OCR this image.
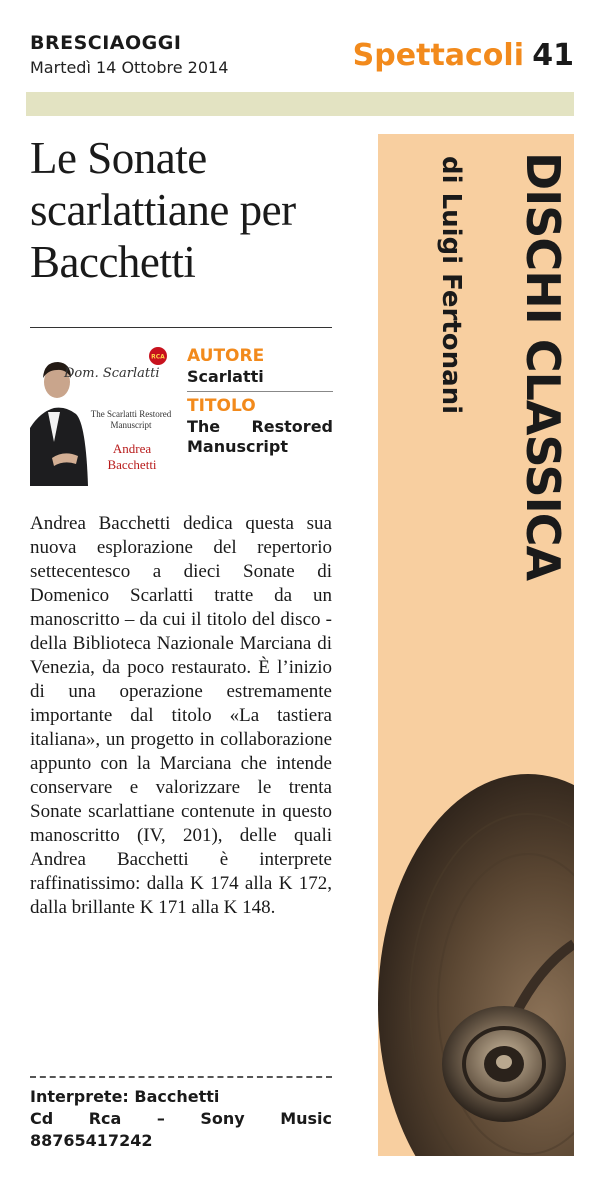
BRESCIAOGGI
Martedì 14 Ottobre 2014	Spettacoli 41
Le Sonate scarlattiane per Bacchetti
Dom. Scarlatti
RCA
The Scarlatti Restored Manuscript
Andrea Bacchetti
AUTORE
Scarlatti
TITOLO
The Restored Manuscript
Andrea Bacchetti dedica questa sua nuova esplorazione del repertorio settecentesco a dieci Sonate di Domenico Scarlatti tratte da un manoscritto – da cui il titolo del disco - della Biblioteca Nazionale Marciana di Venezia, da poco restaurato. È l’inizio di una operazione estremamente importante dal titolo «La tastiera italiana», un progetto in collaborazione appunto con la Marciana che intende conservare e valorizzare le trenta Sonate scarlattiane contenute in questo manoscritto (IV, 201), delle quali Andrea Bacchetti è interprete raffinatissimo: dalla K 174 alla K 172, dalla brillante K 171 alla K 148.
Interprete: Bacchetti
Cd Rca – Sony Music
88765417242
DISCHI CLASSICA
di Luigi Fertonani
